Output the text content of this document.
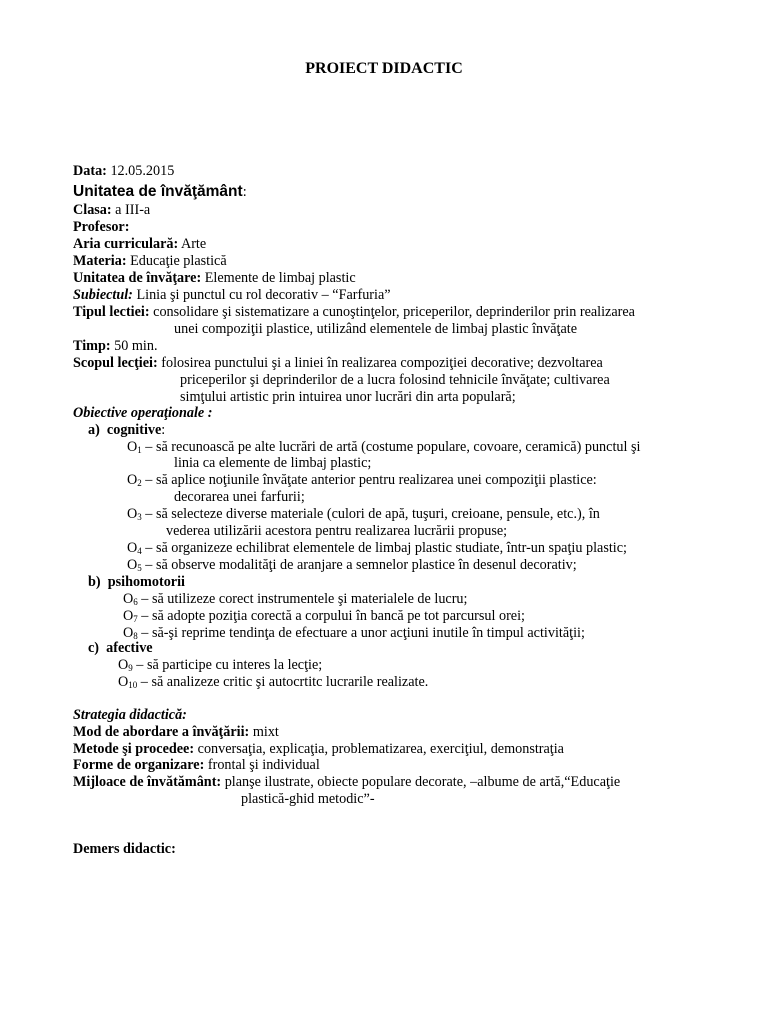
PROIECT DIDACTIC
Data: 12.05.2015
Unitatea de învăţământ:
Clasa: a III-a
Profesor:
Aria curriculară: Arte
Materia: Educaţie plastică
Unitatea de învăţare: Elemente de limbaj plastic
Subiectul: Linia şi punctul cu rol decorativ – “Farfuria”
Tipul lectiei: consolidare şi sistematizare a cunoştinţelor, priceperilor, deprinderilor prin realizarea
unei compoziţii plastice, utilizând elementele de limbaj plastic învăţate
Timp: 50 min.
Scopul lecţiei: folosirea punctului şi a liniei în realizarea compoziţiei decorative; dezvoltarea
priceperilor şi deprinderilor de a lucra folosind tehnicile învăţate; cultivarea
simţului artistic prin intuirea unor lucrări din arta populară;
Obiective operaţionale :
a) cognitive:
$O_1$ – să recunoască pe alte lucrări de artă (costume populare, covoare, ceramică) punctul şi
linia ca elemente de limbaj plastic;
$O_2$ – să aplice noţiunile învăţate anterior pentru realizarea unei compoziţii plastice:
decorarea unei farfurii;
$O_3$ – să selecteze diverse materiale (culori de apă, tuşuri, creioane, pensule, etc.), în
vederea utilizării acestora pentru realizarea lucrării propuse;
$O_4$ – să organizeze echilibrat elementele de limbaj plastic studiate, într-un spaţiu plastic;
$O_5$ – să observe modalităţi de aranjare a semnelor plastice în desenul decorativ;
b) psihomotorii
$O_6$ – să utilizeze corect instrumentele şi materialele de lucru;
$O_7$ – să adopte poziţia corectă a corpului în bancă pe tot parcursul orei;
$O_8$ – să-şi reprime tendinţa de efectuare a unor acţiuni inutile în timpul activităţii;
c) afective
$O_9$ – să participe cu interes la lecţie;
$O_{10}$ – să analizeze critic şi autocrtitc lucrarile realizate.
Strategia didactică:
Mod de abordare a învăţării: mixt
Metode şi procedee: conversaţia, explicaţia, problematizarea, exerciţiul, demonstraţia
Forme de organizare: frontal şi individual
Mijloace de învătământ: planşe ilustrate, obiecte populare decorate, –albume de artă,“Educaţie
plastică-ghid metodic”-
Demers didactic:
